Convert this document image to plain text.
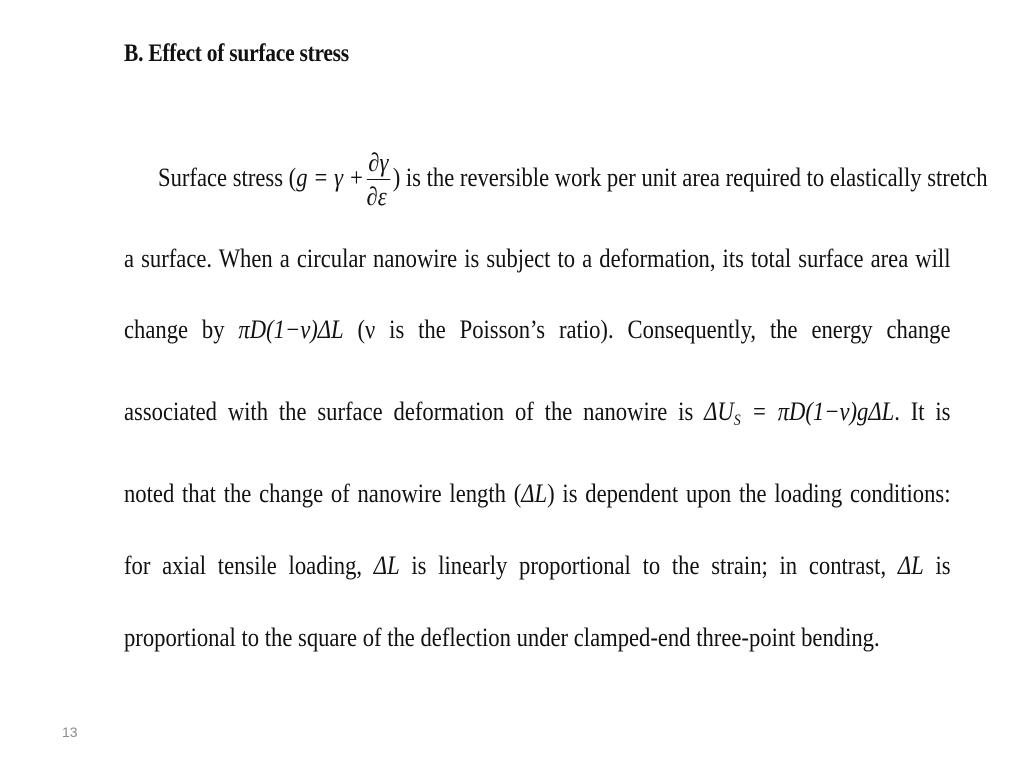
B. Effect of surface stress
Surface stress ($g = \gamma + \frac{\partial\gamma}{\partial\varepsilon}$ ) is the reversible work per unit area required to elastically stretch
a surface. When a circular nanowire is subject to a deformation, its total surface area will
change by πD(1−ν)ΔL (ν is the Poisson’s ratio). Consequently, the energy change
associated with the surface deformation of the nanowire is $\Delta U_S = \pi D(1-\nu)g\Delta L$. It is
noted that the change of nanowire length (ΔL) is dependent upon the loading conditions:
for axial tensile loading, ΔL is linearly proportional to the strain; in contrast, ΔL is
proportional to the square of the deflection under clamped-end three-point bending.
13
